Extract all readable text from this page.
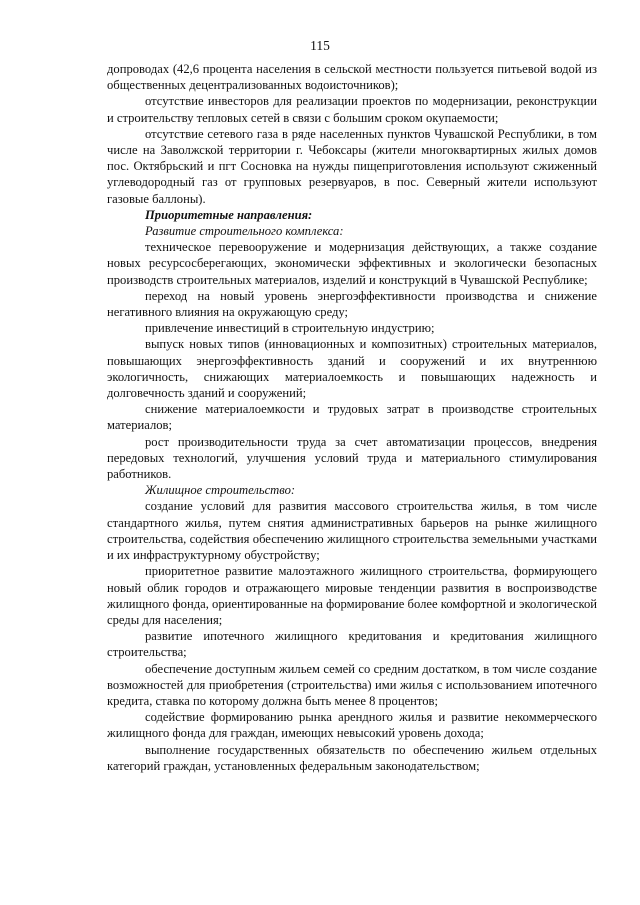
115

допроводах (42,6 процента населения в сельской местности пользуется питьевой водой из общественных децентрализованных водоисточников);

отсутствие инвесторов для реализации проектов по модернизации, реконструкции и строительству тепловых сетей в связи с большим сроком окупаемости;

отсутствие сетевого газа в ряде населенных пунктов Чувашской Республики, в том числе на Заволжской территории г. Чебоксары (жители многоквартирных жилых домов пос. Октябрьский и пгт Сосновка на нужды пищеприготовления используют сжиженный углеводородный газ от групповых резервуаров, в пос. Северный жители используют газовые баллоны).

Приоритетные направления:

Развитие строительного комплекса:

техническое перевооружение и модернизация действующих, а также создание новых ресурсосберегающих, экономически эффективных и экологически безопасных производств строительных материалов, изделий и конструкций в Чувашской Республике;

переход на новый уровень энергоэффективности производства и снижение негативного влияния на окружающую среду;

привлечение инвестиций в строительную индустрию;

выпуск новых типов (инновационных и композитных) строительных материалов, повышающих энергоэффективность зданий и сооружений и их внутреннюю экологичность, снижающих материалоемкость и повышающих надежность и долговечность зданий и сооружений;

снижение материалоемкости и трудовых затрат в производстве строительных материалов;

рост производительности труда за счет автоматизации процессов, внедрения передовых технологий, улучшения условий труда и материального стимулирования работников.

Жилищное строительство:

создание условий для развития массового строительства жилья, в том числе стандартного жилья, путем снятия административных барьеров на рынке жилищного строительства, содействия обеспечению жилищного строительства земельными участками и их инфраструктурному обустройству;

приоритетное развитие малоэтажного жилищного строительства, формирующего новый облик городов и отражающего мировые тенденции развития в воспроизводстве жилищного фонда, ориентированные на формирование более комфортной и экологической среды для населения;

развитие ипотечного жилищного кредитования и кредитования жилищного строительства;

обеспечение доступным жильем семей со средним достатком, в том числе создание возможностей для приобретения (строительства) ими жилья с использованием ипотечного кредита, ставка по которому должна быть менее 8 процентов;

содействие формированию рынка арендного жилья и развитие некоммерческого жилищного фонда для граждан, имеющих невысокий уровень дохода;

выполнение государственных обязательств по обеспечению жильем отдельных категорий граждан, установленных федеральным законодательством;
